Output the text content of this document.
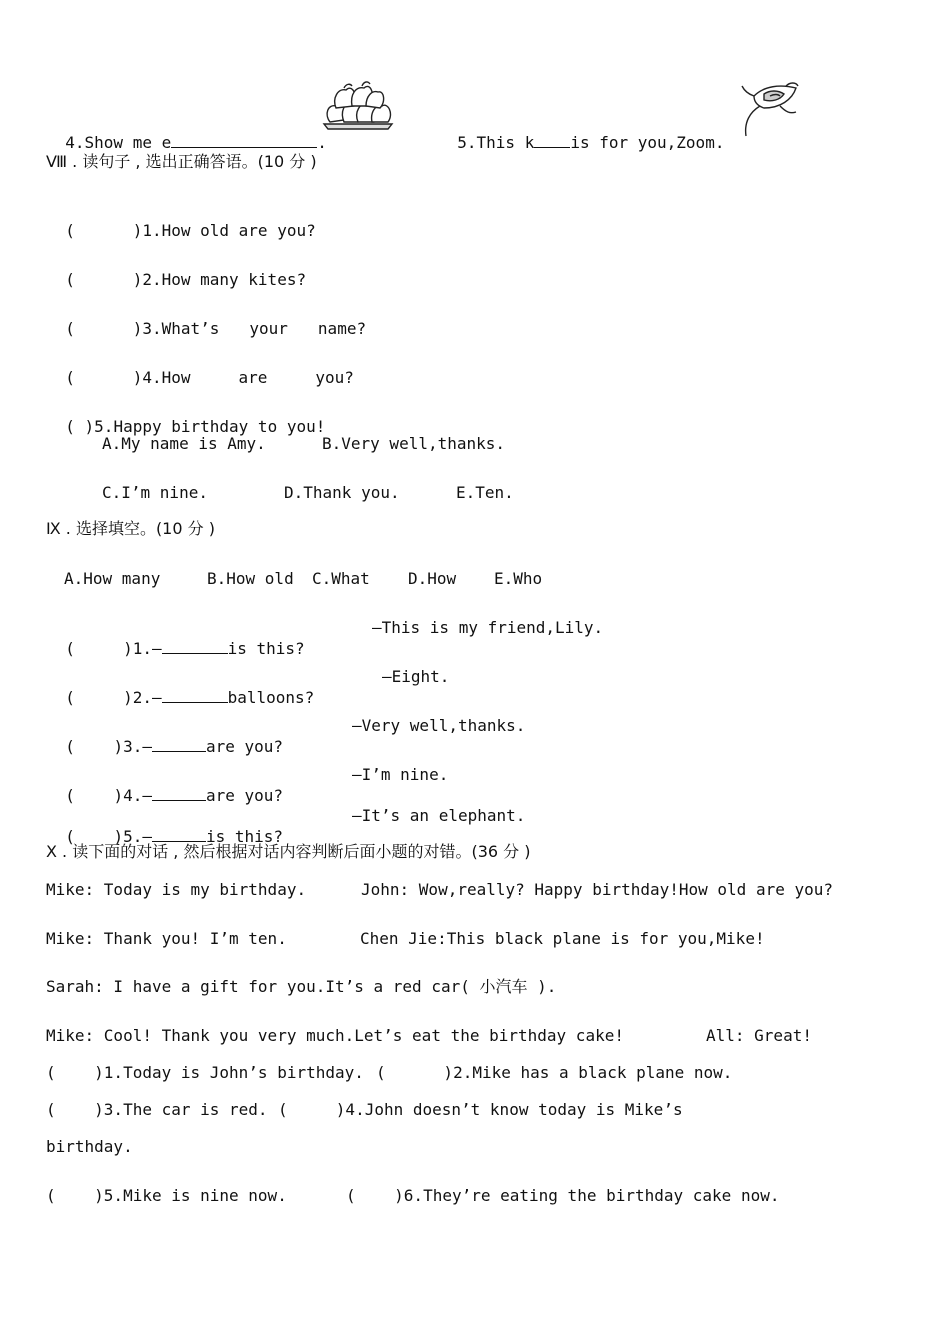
4.Show me e	.	5.This k is for you,Zoom.

Ⅷ . 读句子 , 选出正确答语。(10 分 )

(      )1.How old are you?

(      )2.How many kites?

(      )3.What’s your name?

(      )4.How	are	you?

( )5.Happy birthday to you!

A.My name is Amy.	B.Very well,thanks.
C.I’m nine.	D.Thank you.	E.Ten.
Ⅸ . 选择填空。(10 分 )
A.How many	B.How old C.What D.How E.Who

(     )1.—	is this?

—This is my friend,Lily.

(     )2.—	balloons?

—Eight.

(    )3.—	are you?

—Very well,thanks.

(    )4.—	are you?

—I’m nine.

(    )5.—	is this?

—It’s an elephant.
Ⅹ . 读下面的对话 , 然后根据对话内容判断后面小题的对错。(36 分 )
Mike: Today is my birthday.	John: Wow,really? Happy birthday!How old are you?
Mike: Thank you! I’m ten.	Chen Jie:This black plane is for you,Mike!
Sarah: I have a gift for you.It’s a red car( 小汽车 ).
Mike: Cool! Thank you very much.Let’s eat the birthday cake!	All: Great!
(    )1.Today is John’s birthday. (      )2.Mike has a black plane now.
(    )3.The car is red. (     )4.John doesn’t know today is Mike’s
birthday.
(    )5.Mike is nine now.	(    )6.They’re eating the birthday cake now.
